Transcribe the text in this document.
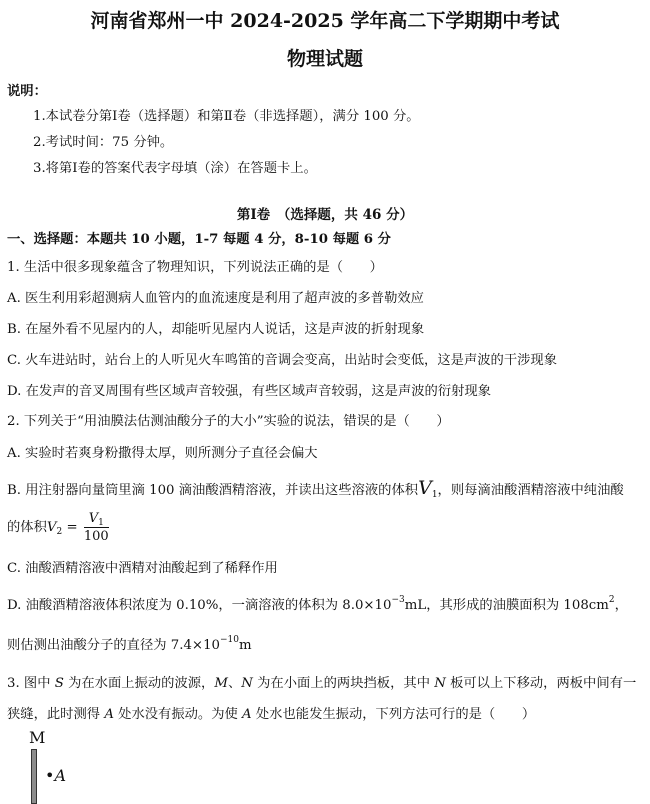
河南省郑州一中 2024-2025 学年高二下学期期中考试
物理试题
说明：
1.本试卷分第Ⅰ卷（选择题）和第Ⅱ卷（非选择题），满分 100 分。
2.考试时间：75 分钟。
3.将第Ⅰ卷的答案代表字母填（涂）在答题卡上。
第Ⅰ卷　（选择题，共 46 分）
一、选择题：本题共 10 小题，1-7 每题 4 分，8-10 每题 6 分
1. 生活中很多现象蕴含了物理知识，下列说法正确的是（　　）
A. 医生利用彩超测病人血管内的血流速度是利用了超声波的多普勒效应
B. 在屋外看不见屋内的人，却能听见屋内人说话，这是声波的折射现象
C. 火车进站时，站台上的人听见火车鸣笛的音调会变高，出站时会变低，这是声波的干涉现象
D. 在发声的音叉周围有些区域声音较强，有些区域声音较弱，这是声波的衍射现象
2. 下列关于“用油膜法估测油酸分子的大小”实验的说法，错误的是（　　）
A. 实验时若爽身粉撒得太厚，则所测分子直径会偏大
B. 用注射器向量筒里滴 100 滴油酸酒精溶液，并读出这些溶液的体积$V_1$，则每滴油酸酒精溶液中纯油酸
的体积$V_2 = \frac{V_1}{100}$
C. 油酸酒精溶液中酒精对油酸起到了稀释作用
D. 油酸酒精溶液体积浓度为 0.10%，一滴溶液的体积为 $8.0\times 10^{-3}mL$，其形成的油膜面积为 $108cm^2$，
则估测出油酸分子的直径为 $7.4\times 10^{-10}m$
3. 图中 S 为在水面上振动的波源，M、N 为在小面上的两块挡板，其中 N 板可以上下移动，两板中间有一
狭缝，此时测得 A 处水没有振动。为使 A 处水也能发生振动，下列方法可行的是（　　）
M
•A
